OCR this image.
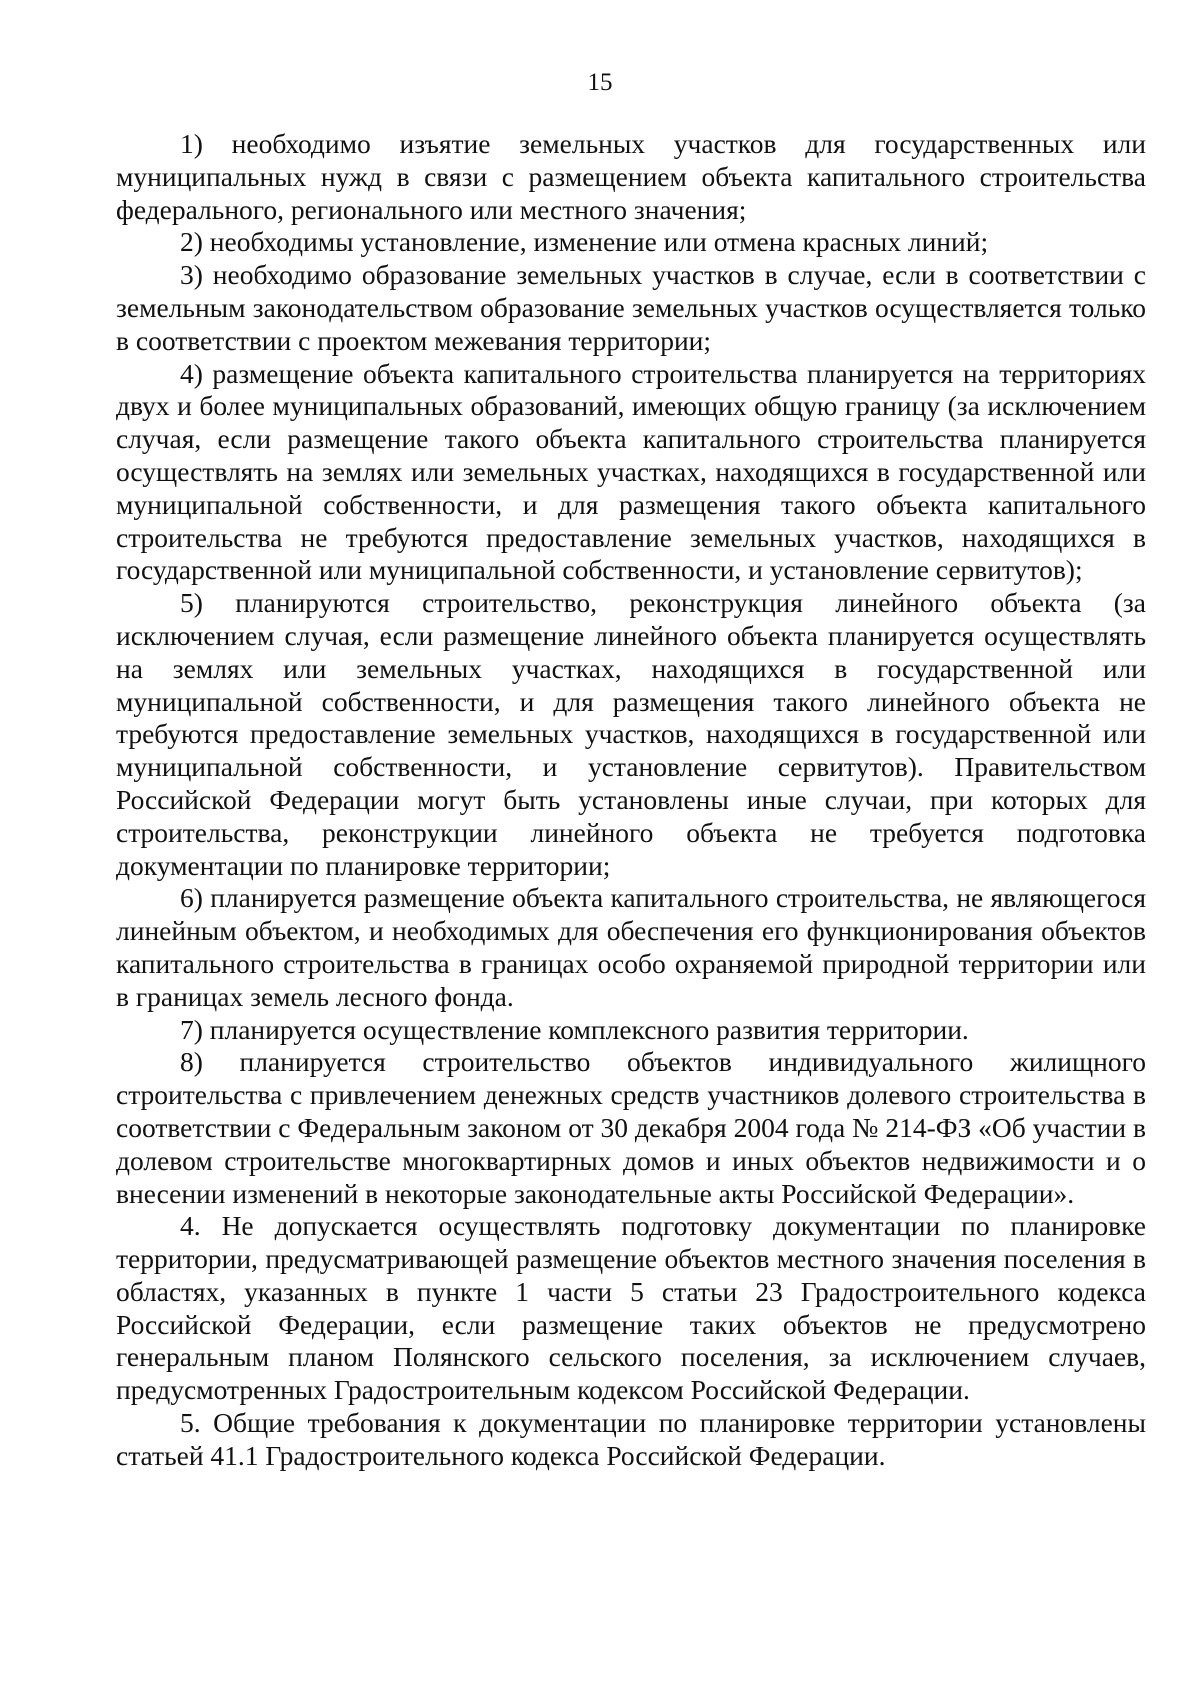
15

1) необходимо изъятие земельных участков для государственных или муниципальных нужд в связи с размещением объекта капитального строительства федерального, регионального или местного значения;

2) необходимы установление, изменение или отмена красных линий;

3) необходимо образование земельных участков в случае, если в соответствии с земельным законодательством образование земельных участков осуществляется только в соответствии с проектом межевания территории;

4) размещение объекта капитального строительства планируется на территориях двух и более муниципальных образований, имеющих общую границу (за исключением случая, если размещение такого объекта капитального строительства планируется осуществлять на землях или земельных участках, находящихся в государственной или муниципальной собственности, и для размещения такого объекта капитального строительства не требуются предоставление земельных участков, находящихся в государственной или муниципальной собственности, и установление сервитутов);

5) планируются строительство, реконструкция линейного объекта (за исключением случая, если размещение линейного объекта планируется осуществлять на землях или земельных участках, находящихся в государственной или муниципальной собственности, и для размещения такого линейного объекта не требуются предоставление земельных участков, находящихся в государственной или муниципальной собственности, и установление сервитутов). Правительством Российской Федерации могут быть установлены иные случаи, при которых для строительства, реконструкции линейного объекта не требуется подготовка документации по планировке территории;

6) планируется размещение объекта капитального строительства, не являющегося линейным объектом, и необходимых для обеспечения его функционирования объектов капитального строительства в границах особо охраняемой природной территории или в границах земель лесного фонда.

7) планируется осуществление комплексного развития территории.

8) планируется строительство объектов индивидуального жилищного строительства с привлечением денежных средств участников долевого строительства в соответствии с Федеральным законом от 30 декабря 2004 года № 214-ФЗ «Об участии в долевом строительстве многоквартирных домов и иных объектов недвижимости и о внесении изменений в некоторые законодательные акты Российской Федерации».

4. Не допускается осуществлять подготовку документации по планировке территории, предусматривающей размещение объектов местного значения поселения в областях, указанных в пункте 1 части 5 статьи 23 Градостроительного кодекса Российской Федерации, если размещение таких объектов не предусмотрено генеральным планом Полянского сельского поселения, за исключением случаев, предусмотренных Градостроительным кодексом Российской Федерации.

5. Общие требования к документации по планировке территории установлены статьей 41.1 Градостроительного кодекса Российской Федерации.
